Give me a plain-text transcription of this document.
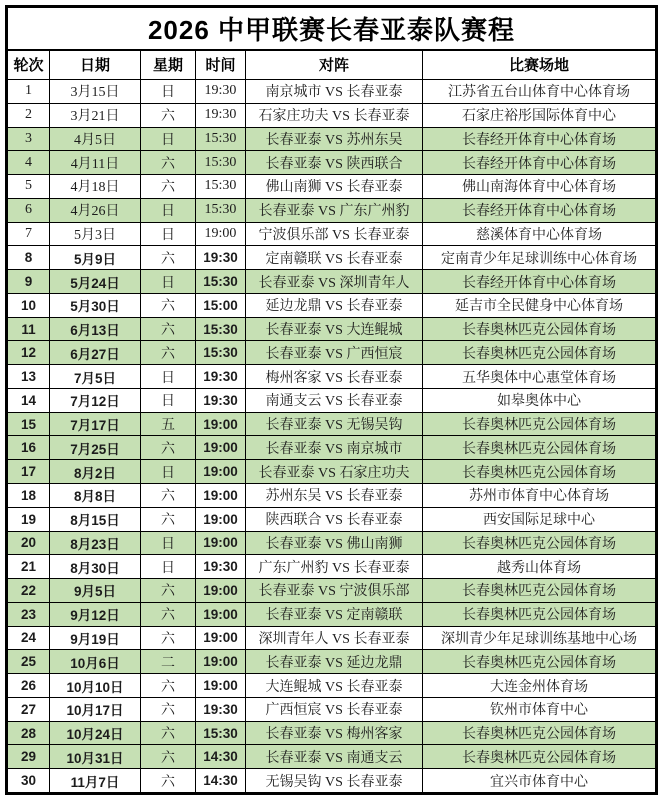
2026 中甲联赛长春亚泰队赛程					
轮次	日期	星期	时间	对阵	比赛场地
1	3月15日	日	19:30	南京城市 VS 长春亚泰	江苏省五台山体育中心体育场
2	3月21日	六	19:30	石家庄功夫 VS 长春亚泰	石家庄裕彤国际体育中心
3	4月5日	日	15:30	长春亚泰 VS 苏州东吴	长春经开体育中心体育场
4	4月11日	六	15:30	长春亚泰 VS 陕西联合	长春经开体育中心体育场
5	4月18日	六	15:30	佛山南狮 VS 长春亚泰	佛山南海体育中心体育场
6	4月26日	日	15:30	长春亚泰 VS 广东广州豹	长春经开体育中心体育场
7	5月3日	日	19:00	宁波俱乐部 VS 长春亚泰	慈溪体育中心体育场
8	5月9日	六	19:30	定南赣联 VS 长春亚泰	定南青少年足球训练中心体育场
9	5月24日	日	15:30	长春亚泰 VS 深圳青年人	长春经开体育中心体育场
10	5月30日	六	15:00	延边龙鼎 VS 长春亚泰	延吉市全民健身中心体育场
11	6月13日	六	15:30	长春亚泰 VS 大连鲲城	长春奥林匹克公园体育场
12	6月27日	六	15:30	长春亚泰 VS 广西恒宸	长春奥林匹克公园体育场
13	7月5日	日	19:30	梅州客家 VS 长春亚泰	五华奥体中心惠堂体育场
14	7月12日	日	19:30	南通支云 VS 长春亚泰	如皋奥体中心
15	7月17日	五	19:00	长春亚泰 VS 无锡吴钩	长春奥林匹克公园体育场
16	7月25日	六	19:00	长春亚泰 VS 南京城市	长春奥林匹克公园体育场
17	8月2日	日	19:00	长春亚泰 VS 石家庄功夫	长春奥林匹克公园体育场
18	8月8日	六	19:00	苏州东吴 VS 长春亚泰	苏州市体育中心体育场
19	8月15日	六	19:00	陕西联合 VS 长春亚泰	西安国际足球中心
20	8月23日	日	19:00	长春亚泰 VS 佛山南狮	长春奥林匹克公园体育场
21	8月30日	日	19:30	广东广州豹 VS 长春亚泰	越秀山体育场
22	9月5日	六	19:00	长春亚泰 VS 宁波俱乐部	长春奥林匹克公园体育场
23	9月12日	六	19:00	长春亚泰 VS 定南赣联	长春奥林匹克公园体育场
24	9月19日	六	19:00	深圳青年人 VS 长春亚泰	深圳青少年足球训练基地中心场
25	10月6日	二	19:00	长春亚泰 VS 延边龙鼎	长春奥林匹克公园体育场
26	10月10日	六	19:00	大连鲲城 VS 长春亚泰	大连金州体育场
27	10月17日	六	19:30	广西恒宸 VS 长春亚泰	钦州市体育中心
28	10月24日	六	15:30	长春亚泰 VS 梅州客家	长春奥林匹克公园体育场
29	10月31日	六	14:30	长春亚泰 VS 南通支云	长春奥林匹克公园体育场
30	11月7日	六	14:30	无锡吴钩 VS 长春亚泰	宜兴市体育中心
